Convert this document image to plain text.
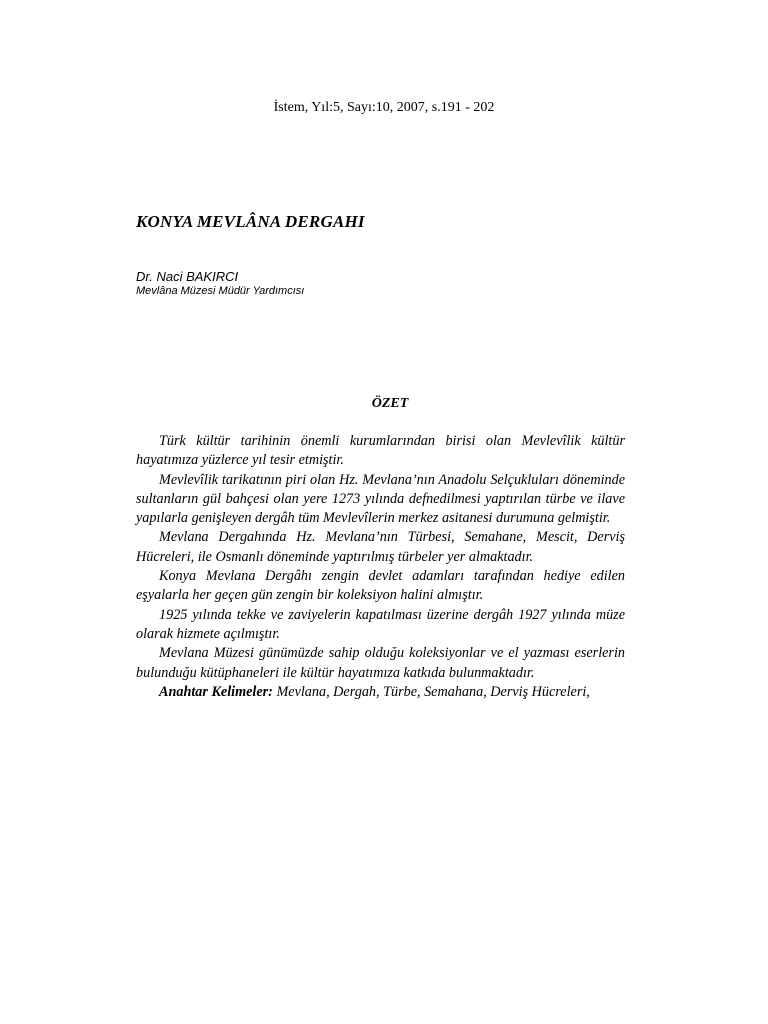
İstem, Yıl:5, Sayı:10, 2007, s.191 - 202
KONYA MEVLÂNA DERGAHI
Dr. Naci BAKIRCI
Mevlâna Müzesi Müdür Yardımcısı
ÖZET

Türk kültür tarihinin önemli kurumlarından birisi olan Mevlevîlik kültür hayatımıza yüzlerce yıl tesir etmiştir.

Mevlevîlik tarikatının piri olan Hz. Mevlana’nın Anadolu Selçukluları döneminde sultanların gül bahçesi olan yere 1273 yılında defnedilmesi yaptırılan türbe ve ilave yapılarla genişleyen dergâh tüm Mevlevîlerin merkez asitanesi durumuna gelmiştir.

Mevlana Dergahında Hz. Mevlana’nın Türbesi, Semahane, Mescit, Derviş Hücreleri, ile Osmanlı döneminde yaptırılmış türbeler yer almaktadır.

Konya Mevlana Dergâhı zengin devlet adamları tarafından hediye edilen eşyalarla her geçen gün zengin bir koleksiyon halini almıştır.

1925 yılında tekke ve zaviyelerin kapatılması üzerine dergâh 1927 yılında müze olarak hizmete açılmıştır.

Mevlana Müzesi günümüzde sahip olduğu koleksiyonlar ve el yazması eserlerin bulunduğu kütüphaneleri ile kültür hayatımıza katkıda bulunmaktadır.

Anahtar Kelimeler: Mevlana, Dergah, Türbe, Semahana, Derviş Hücreleri,
